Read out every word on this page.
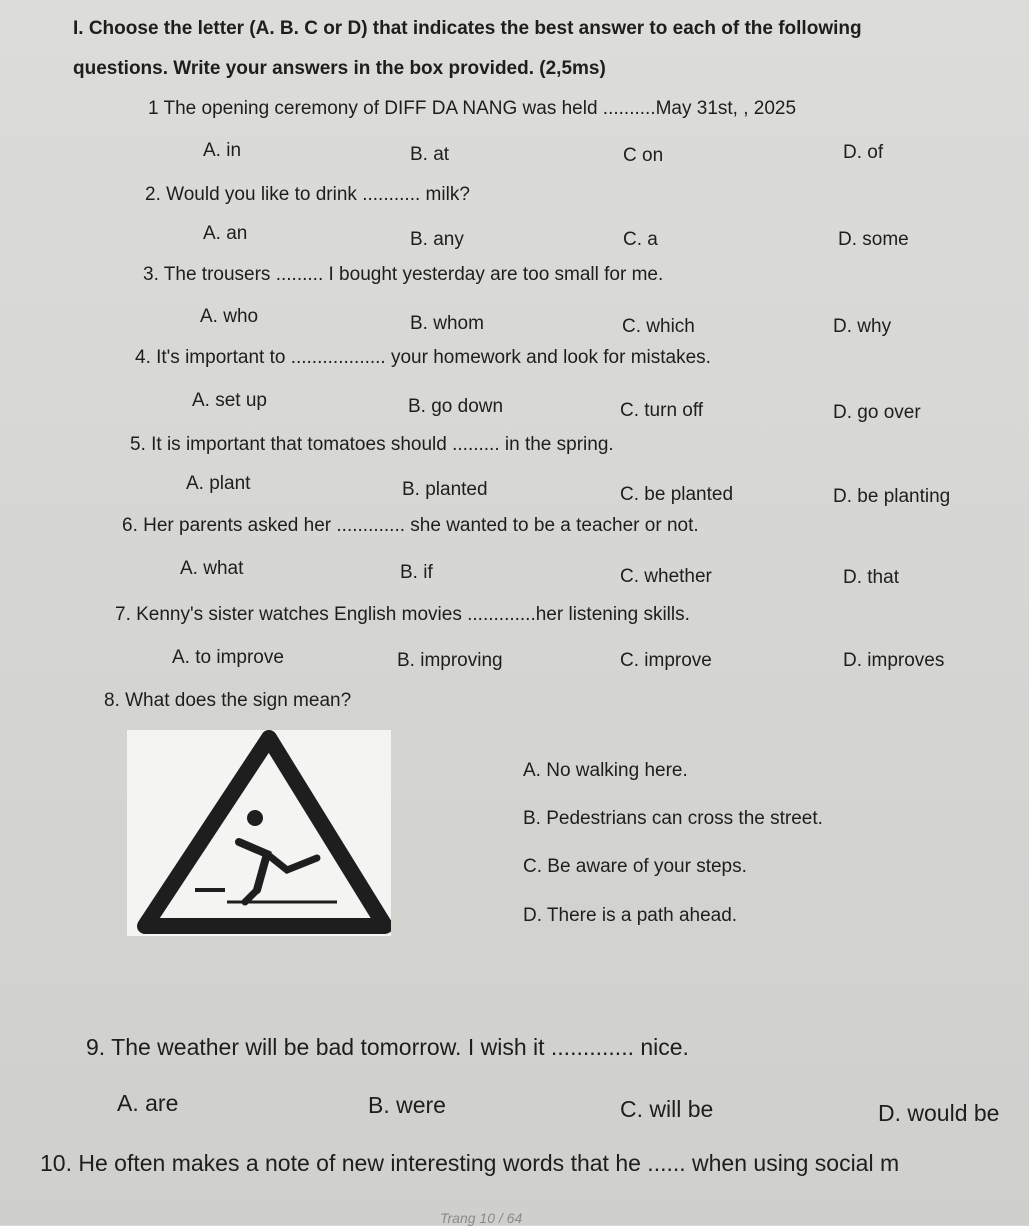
I. Choose the letter (A. B. C or D) that indicates the best answer to each of the following
questions. Write your answers in the box provided. (2,5ms)
1 The opening ceremony of DIFF DA NANG was held ..........May 31st, , 2025
A. in	B. at	C on	D. of
2. Would you like to drink ........... milk?
A. an	B. any	C. a	D. some
3. The trousers ......... I bought yesterday are too small for me.
A. who	B. whom	C. which	D. why
4. It's important to .................. your homework and look for mistakes.
A. set up	B. go down	C. turn off	D. go over
5. It is important that tomatoes should ......... in the spring.
A. plant	B. planted	C. be planted	D. be planting
6. Her parents asked her ............. she wanted to be a teacher or not.
A. what	B. if	C. whether	D. that
7. Kenny's sister watches English movies .............her listening skills.
A. to improve	B. improving	C. improve	D. improves
8. What does the sign mean?
A. No walking here.
B. Pedestrians can cross the street.
C. Be aware of your steps.
D. There is a path ahead.
9. The weather will be bad tomorrow. I wish it ............. nice.
A. are	B. were	C. will be	D. would be
10. He often makes a note of new interesting words that he ...... when using social m
Trang 10 / 64
